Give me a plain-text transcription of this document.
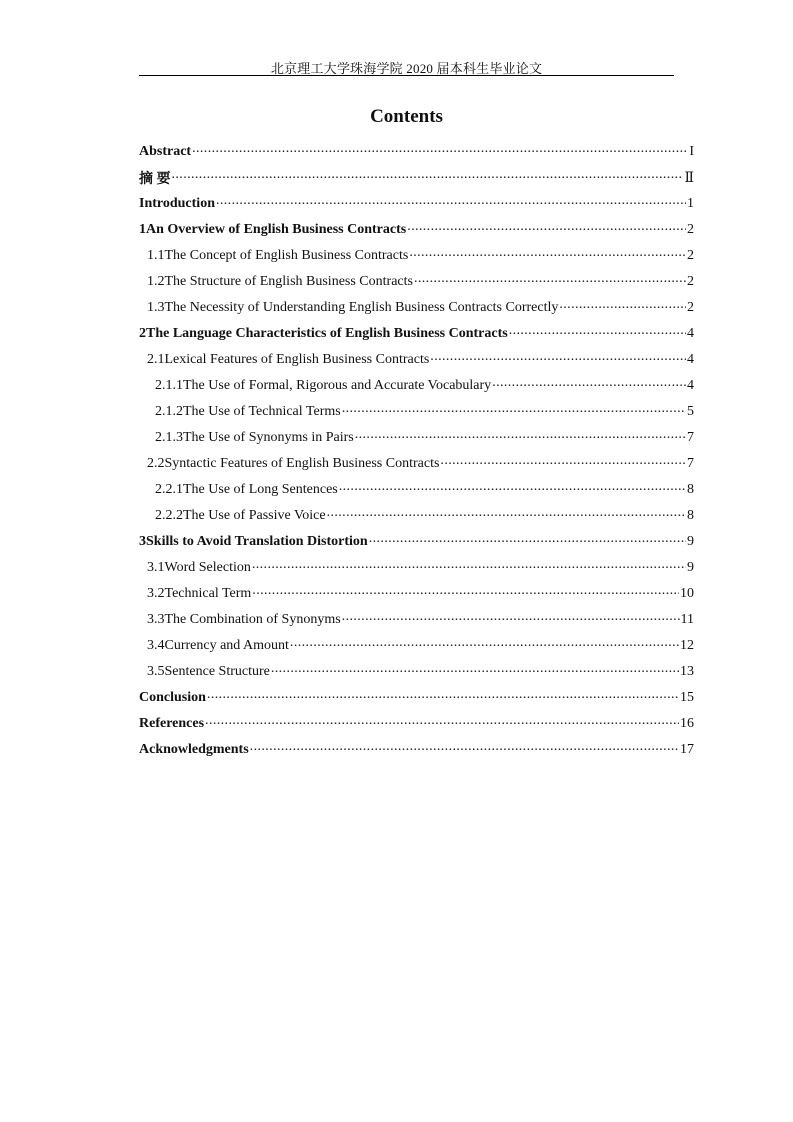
北京理工大学珠海学院 2020 届本科生毕业论文
Contents
Abstract .....	I
摘 要 .....	Ⅱ
Introduction .....	1
1 An Overview of English Business Contracts .....	2
1.1 The Concept of English Business Contracts .....	2
1.2 The Structure of English Business Contracts .....	2
1.3 The Necessity of Understanding English Business Contracts Correctly .....	2
2 The Language Characteristics of English Business Contracts .....	4
2.1 Lexical Features of English Business Contracts .....	4
2.1.1 The Use of Formal, Rigorous and Accurate Vocabulary .....	4
2.1.2 The Use of Technical Terms .....	5
2.1.3 The Use of Synonyms in Pairs .....	7
2.2 Syntactic Features of English Business Contracts .....	7
2.2.1 The Use of Long Sentences .....	8
2.2.2 The Use of Passive Voice .....	8
3 Skills to Avoid Translation Distortion .....	9
3.1 Word Selection .....	9
3.2 Technical Term .....	10
3.3 The Combination of Synonyms .....	11
3.4 Currency and Amount .....	12
3.5 Sentence Structure .....	13
Conclusion .....	15
References .....	16
Acknowledgments .....	17
